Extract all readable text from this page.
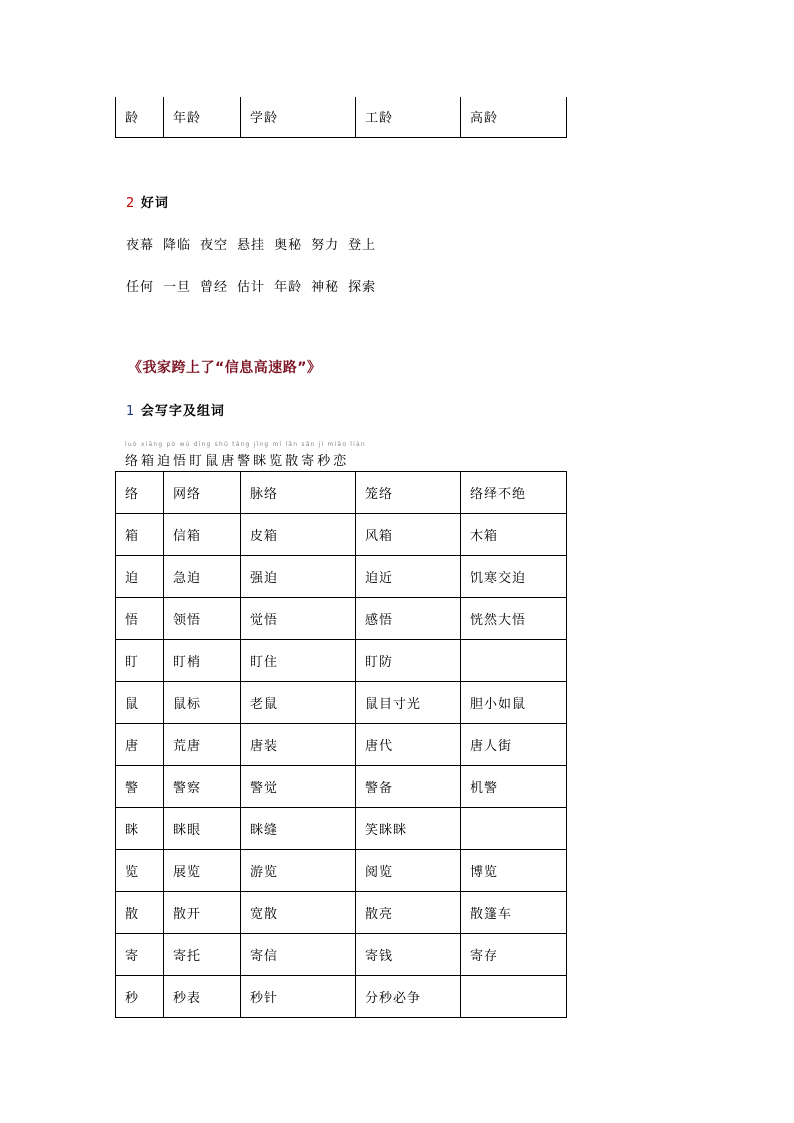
龄	年龄	学龄	工龄	高龄
2 好词
夜幕 降临 夜空 悬挂 奥秘 努力 登上
任何 一旦 曾经 估计 年龄 神秘 探索
《我家跨上了“信息高速路”》
1 会写字及组词
luò xiāng pò wù dīng shǔ táng jǐng mī lǎn sǎn jì miǎo liàn
络 箱 迫 悟 盯 鼠 唐 警 眯 览 散 寄 秒 恋
络	网络	脉络	笼络	络绎不绝
箱	信箱	皮箱	风箱	木箱
迫	急迫	强迫	迫近	饥寒交迫
悟	领悟	觉悟	感悟	恍然大悟
盯	盯梢	盯住	盯防	
鼠	鼠标	老鼠	鼠目寸光	胆小如鼠
唐	荒唐	唐装	唐代	唐人街
警	警察	警觉	警备	机警
眯	眯眼	眯缝	笑眯眯	
览	展览	游览	阅览	博览
散	散开	宽散	散亮	散篷车
寄	寄托	寄信	寄钱	寄存
秒	秒表	秒针	分秒必争	
